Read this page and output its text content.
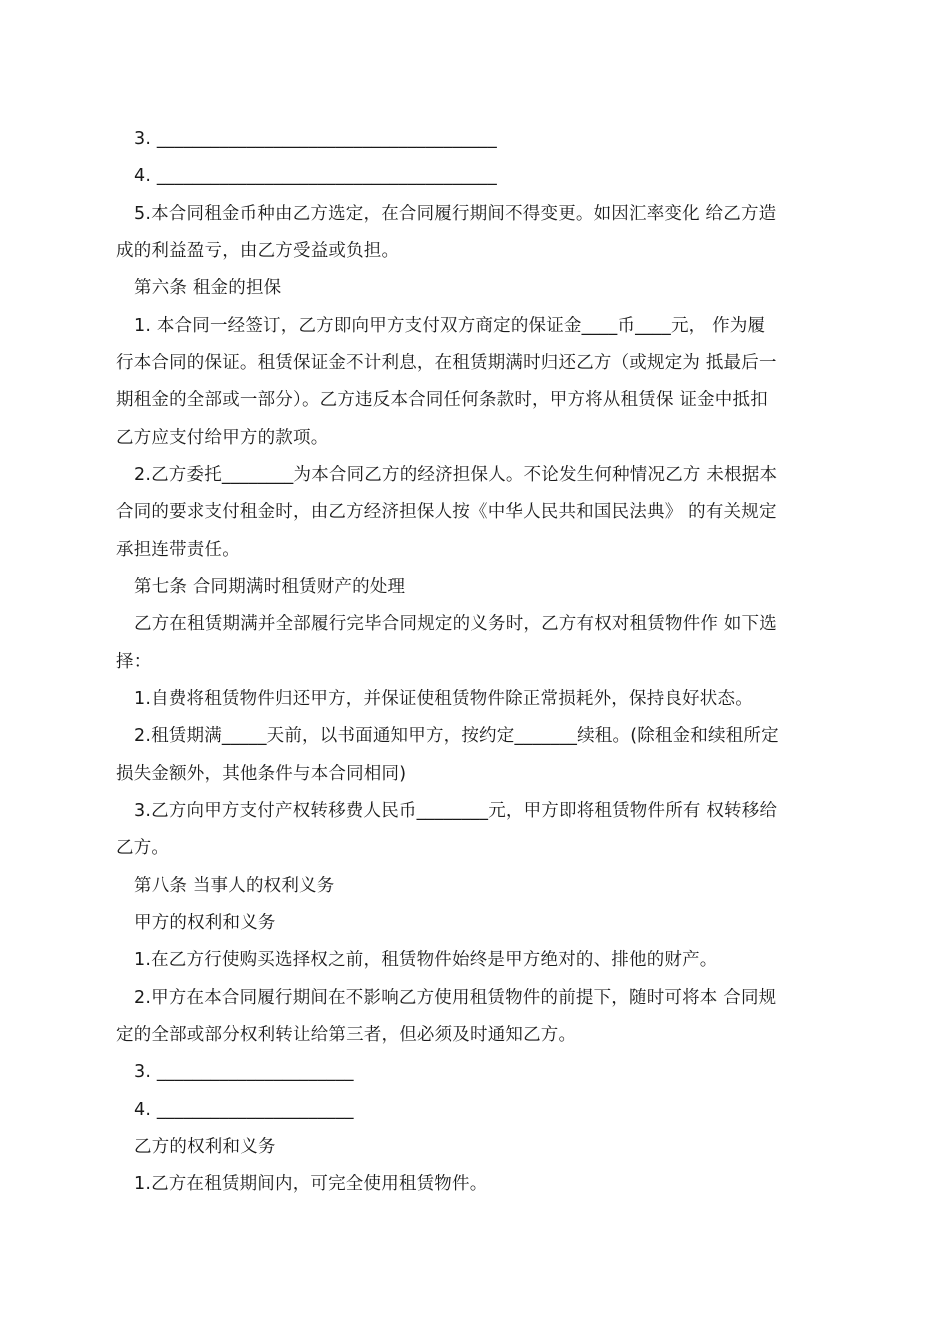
3. ______________________________________
4. ______________________________________
5.本合同租金币种由乙方选定，在合同履行期间不得变更。如因汇率变化 给乙方造
成的利益盈亏，由乙方受益或负担。
第六条 租金的担保
1. 本合同一经签订，乙方即向甲方支付双方商定的保证金____币____元， 作为履
行本合同的保证。租赁保证金不计利息，在租赁期满时归还乙方（或规定为 抵最后一
期租金的全部或一部分）。乙方违反本合同任何条款时，甲方将从租赁保 证金中抵扣
乙方应支付给甲方的款项。
2.乙方委托________为本合同乙方的经济担保人。不论发生何种情况乙方 未根据本
合同的要求支付租金时，由乙方经济担保人按《中华人民共和国民法典》 的有关规定
承担连带责任。
第七条 合同期满时租赁财产的处理
乙方在租赁期满并全部履行完毕合同规定的义务时，乙方有权对租赁物件作 如下选
择：
1.自费将租赁物件归还甲方，并保证使租赁物件除正常损耗外，保持良好状态。
2.租赁期满_____天前，以书面通知甲方，按约定_______续租。(除租金和续租所定
损失金额外，其他条件与本合同相同)
3.乙方向甲方支付产权转移费人民币________元，甲方即将租赁物件所有 权转移给
乙方。
第八条 当事人的权利义务
甲方的权利和义务
1.在乙方行使购买选择权之前，租赁物件始终是甲方绝对的、排他的财产。
2.甲方在本合同履行期间在不影响乙方使用租赁物件的前提下，随时可将本 合同规
定的全部或部分权利转让给第三者，但必须及时通知乙方。
3. ______________________
4. ______________________
乙方的权利和义务
1.乙方在租赁期间内，可完全使用租赁物件。
